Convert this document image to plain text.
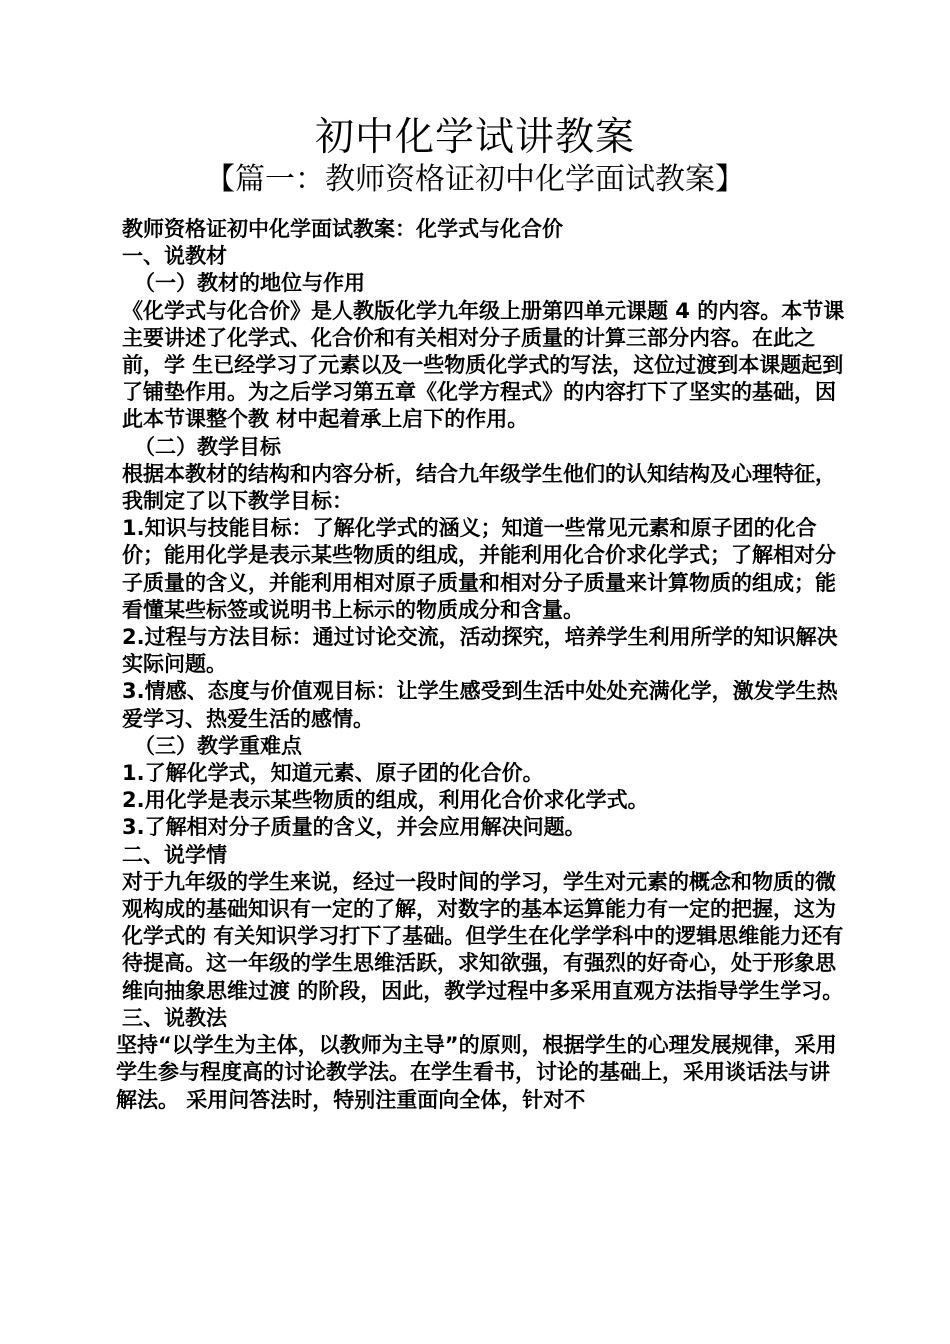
初中化学试讲教案
【篇一：教师资格证初中化学面试教案】

教师资格证初中化学面试教案：化学式与化合价

一、说教材

（一）教材的地位与作用

《化学式与化合价》是人教版化学九年级上册第四单元课题 4 的内容。本节课主要讲述了化学式、化合价和有关相对分子质量的计算三部分内容。在此之前，学 生已经学习了元素以及一些物质化学式的写法，这位过渡到本课题起到了铺垫作用。为之后学习第五章《化学方程式》的内容打下了坚实的基础，因此本节课整个教 材中起着承上启下的作用。

（二）教学目标

根据本教材的结构和内容分析，结合九年级学生他们的认知结构及心理特征，我制定了以下教学目标：

1.知识与技能目标：了解化学式的涵义；知道一些常见元素和原子团的化合价；能用化学是表示某些物质的组成，并能利用化合价求化学式；了解相对分子质量的含义，并能利用相对原子质量和相对分子质量来计算物质的组成；能看懂某些标签或说明书上标示的物质成分和含量。

2.过程与方法目标：通过讨论交流，活动探究，培养学生利用所学的知识解决实际问题。

3.情感、态度与价值观目标：让学生感受到生活中处处充满化学，激发学生热爱学习、热爱生活的感情。

（三）教学重难点

1.了解化学式，知道元素、原子团的化合价。

2.用化学是表示某些物质的组成，利用化合价求化学式。

3.了解相对分子质量的含义，并会应用解决问题。

二、说学情

对于九年级的学生来说，经过一段时间的学习，学生对元素的概念和物质的微观构成的基础知识有一定的了解，对数字的基本运算能力有一定的把握，这为化学式的 有关知识学习打下了基础。但学生在化学学科中的逻辑思维能力还有待提高。这一年级的学生思维活跃，求知欲强，有强烈的好奇心，处于形象思维向抽象思维过渡 的阶段，因此，教学过程中多采用直观方法指导学生学习。

三、说教法

坚持“以学生为主体，以教师为主导”的原则，根据学生的心理发展规律，采用学生参与程度高的讨论教学法。在学生看书，讨论的基础上，采用谈话法与讲解法。 采用问答法时，特别注重面向全体，针对不
